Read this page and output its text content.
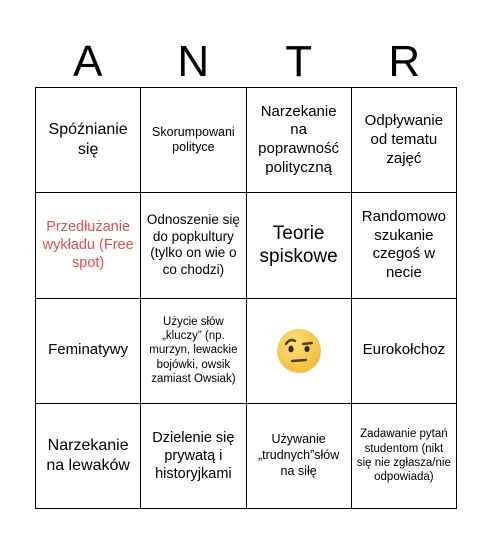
A	N	T	R
Spóźnianie się
Skorumpowani polityce
Narzekanie na poprawność polityczną
Odpływanie od tematu zajęć
Przedłużanie wykładu (Free spot)
Odnoszenie się do popkultury (tylko on wie o co chodzi)
Teorie spiskowe
Randomowo szukanie czegoś w necie
Feminatywy
Użycie słów „kluczy” (np. murzyn, lewackie bojówki, owsik zamiast Owsiak)
Eurokołchoz
Narzekanie na lewaków
Dzielenie się prywatą i historyjkami
Używanie „trudnych”słów na siłę
Zadawanie pytań studentom (nikt się nie zgłasza/nie odpowiada)
